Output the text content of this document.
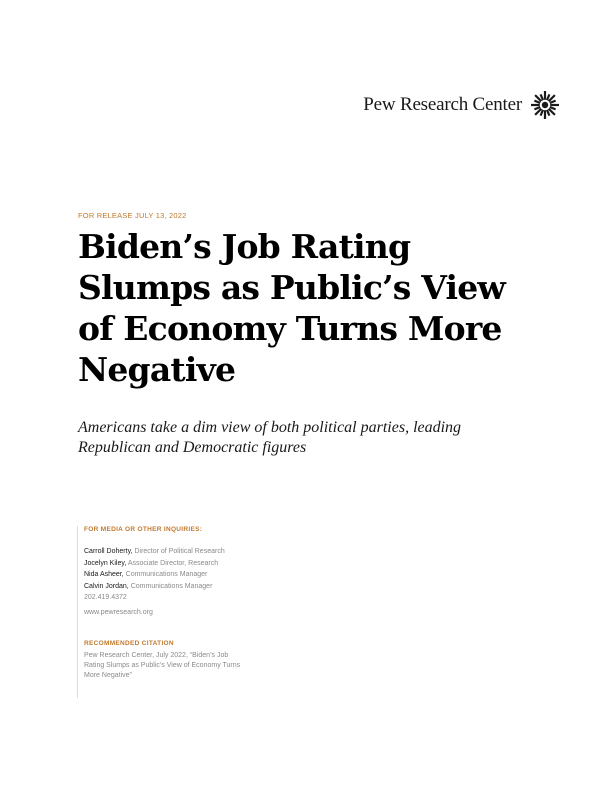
Pew Research Center
FOR RELEASE JULY 13, 2022
Biden’s Job Rating
Slumps as Public’s View
of Economy Turns More
Negative

Americans take a dim view of both political parties, leading
Republican and Democratic figures

FOR MEDIA OR OTHER INQUIRIES:
Carroll Doherty, Director of Political Research
Jocelyn Kiley, Associate Director, Research
Nida Asheer, Communications Manager
Calvin Jordan, Communications Manager
202.419.4372
www.pewresearch.org
RECOMMENDED CITATION
Pew Research Center, July 2022, “Biden’s Job
Rating Slumps as Public’s View of Economy Turns
More Negative”
